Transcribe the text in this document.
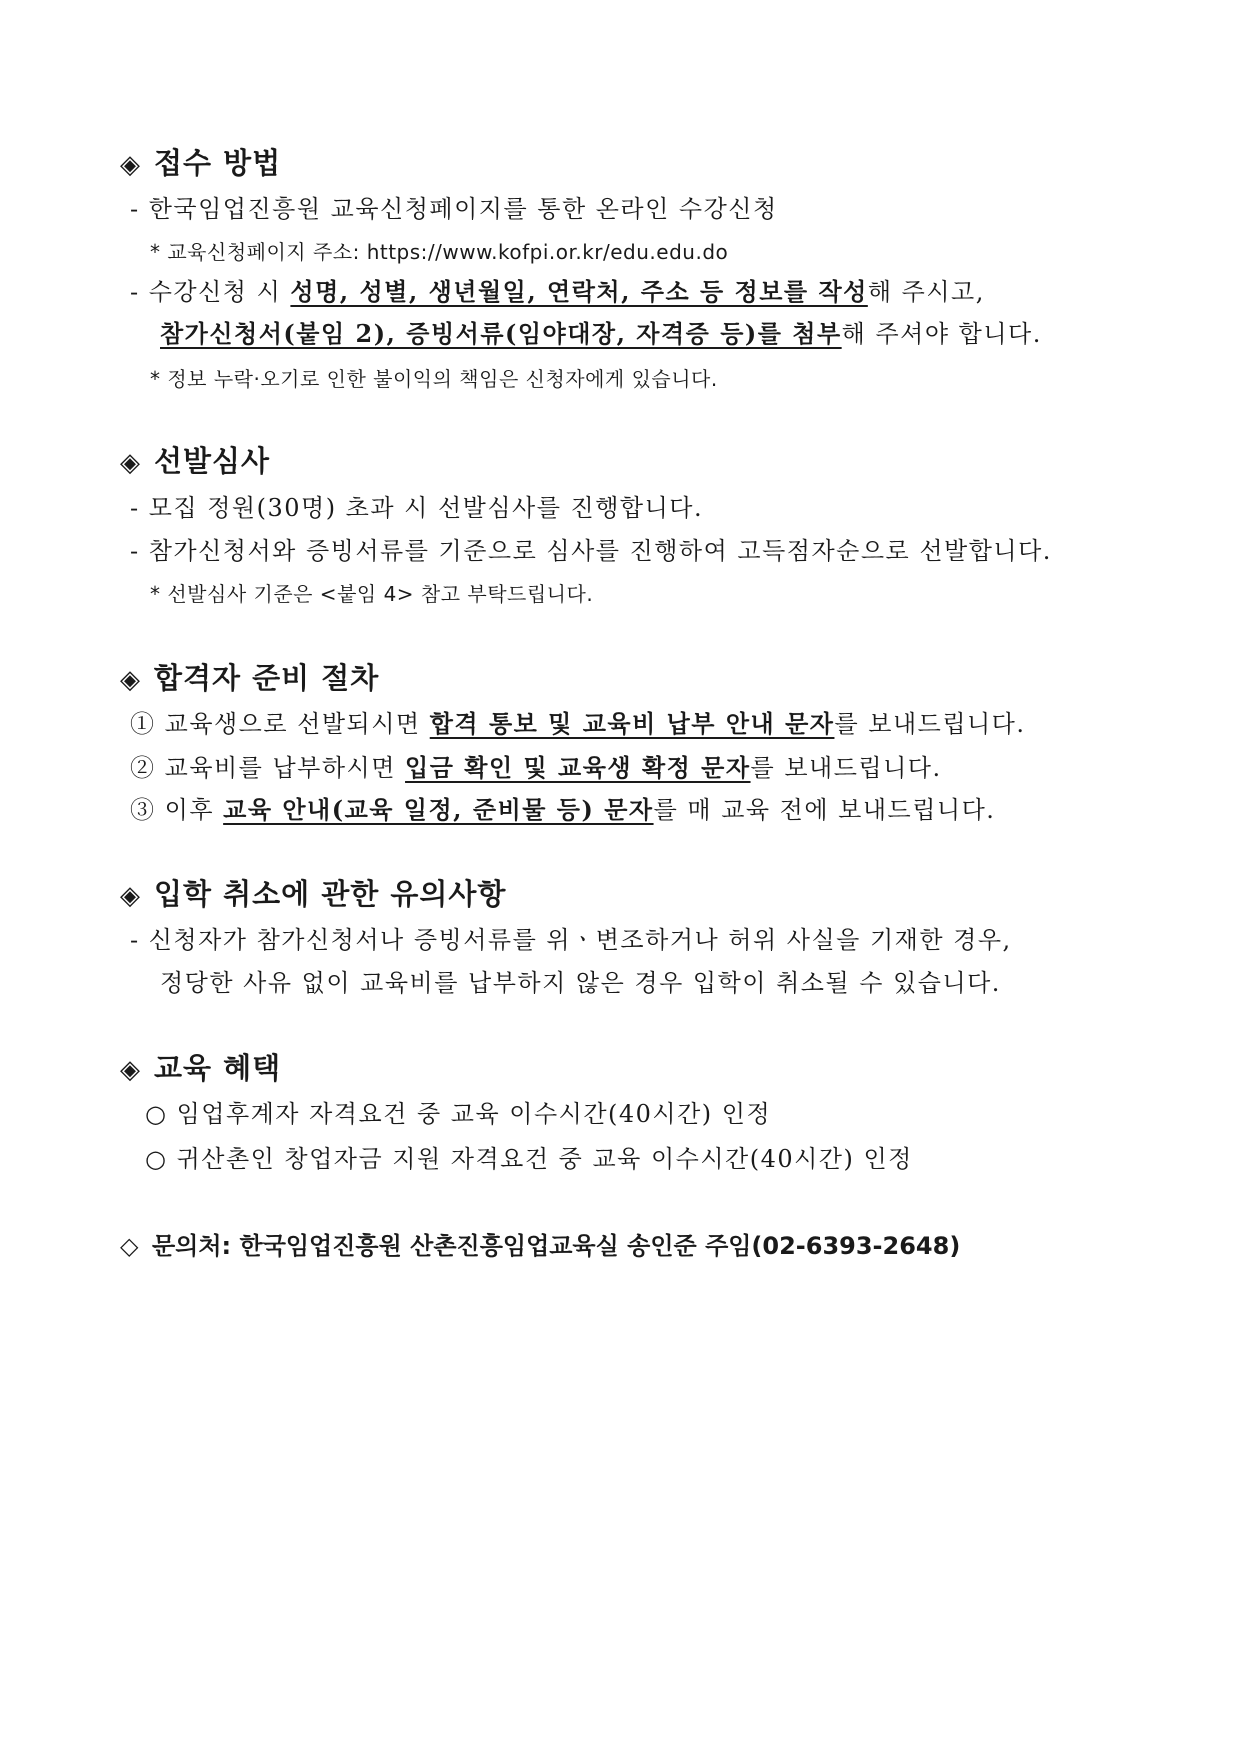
◈ 접수 방법
- 한국임업진흥원 교육신청페이지를 통한 온라인 수강신청
* 교육신청페이지 주소: https://www.kofpi.or.kr/edu.edu.do
- 수강신청 시 성명, 성별, 생년월일, 연락처, 주소 등 정보를 작성해 주시고,
참가신청서(붙임 2), 증빙서류(임야대장, 자격증 등)를 첨부해 주셔야 합니다.
* 정보 누락·오기로 인한 불이익의 책임은 신청자에게 있습니다.
◈ 선발심사
- 모집 정원(30명) 초과 시 선발심사를 진행합니다.
- 참가신청서와 증빙서류를 기준으로 심사를 진행하여 고득점자순으로 선발합니다.
* 선발심사 기준은 <붙임 4> 참고 부탁드립니다.
◈ 합격자 준비 절차
① 교육생으로 선발되시면 합격 통보 및 교육비 납부 안내 문자를 보내드립니다.
② 교육비를 납부하시면 입금 확인 및 교육생 확정 문자를 보내드립니다.
③ 이후 교육 안내(교육 일정, 준비물 등) 문자를 매 교육 전에 보내드립니다.
◈ 입학 취소에 관한 유의사항
- 신청자가 참가신청서나 증빙서류를 위ㆍ변조하거나 허위 사실을 기재한 경우,
정당한 사유 없이 교육비를 납부하지 않은 경우 입학이 취소될 수 있습니다.
◈ 교육 혜택
○ 임업후계자 자격요건 중 교육 이수시간(40시간) 인정
○ 귀산촌인 창업자금 지원 자격요건 중 교육 이수시간(40시간) 인정
◇ 문의처: 한국임업진흥원 산촌진흥임업교육실 송인준 주임(02-6393-2648)
